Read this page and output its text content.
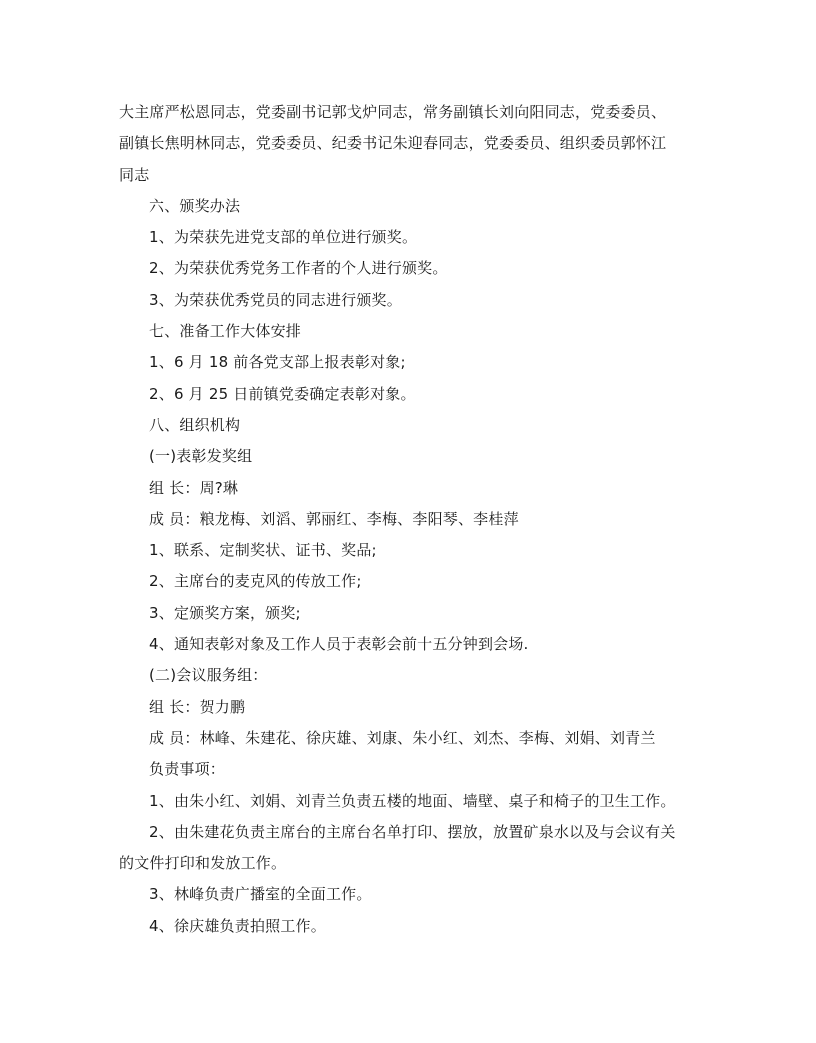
大主席严松恩同志，党委副书记郭戈炉同志，常务副镇长刘向阳同志，党委委员、
副镇长焦明林同志，党委委员、纪委书记朱迎春同志，党委委员、组织委员郭怀江
同志
六、颁奖办法
1、为荣获先进党支部的单位进行颁奖。
2、为荣获优秀党务工作者的个人进行颁奖。
3、为荣获优秀党员的同志进行颁奖。
七、准备工作大体安排
1、6 月 18 前各党支部上报表彰对象;
2、6 月 25 日前镇党委确定表彰对象。
八、组织机构
(一)表彰发奖组
组 长：周?琳
成 员：粮龙梅、刘滔、郭丽红、李梅、李阳琴、李桂萍
1、联系、定制奖状、证书、奖品;
2、主席台的麦克风的传放工作;
3、定颁奖方案，颁奖;
4、通知表彰对象及工作人员于表彰会前十五分钟到会场.
(二)会议服务组：
组 长：贺力鹏
成 员：林峰、朱建花、徐庆雄、刘康、朱小红、刘杰、李梅、刘娟、刘青兰
负责事项：
1、由朱小红、刘娟、刘青兰负责五楼的地面、墙壁、桌子和椅子的卫生工作。
2、由朱建花负责主席台的主席台名单打印、摆放，放置矿泉水以及与会议有关
的文件打印和发放工作。
3、林峰负责广播室的全面工作。
4、徐庆雄负责拍照工作。
